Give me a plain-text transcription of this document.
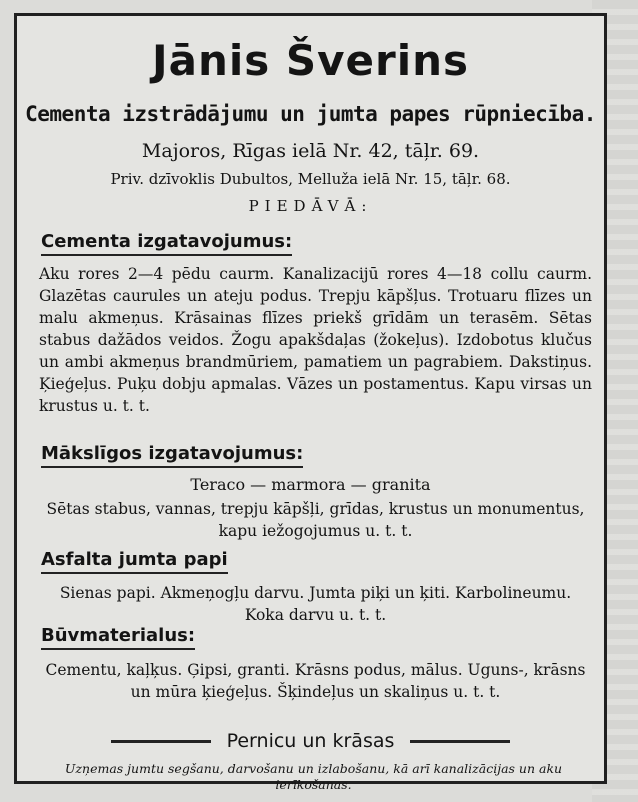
Jānis Šverins
Cementa izstrādājumu un jumta papes rūpniecība.
Majoros, Rīgas ielā Nr. 42, tāļr. 69.
Priv. dzīvoklis Dubultos, Melluža ielā Nr. 15, tāļr. 68.
PIEDĀVĀ:
Cementa izgatavojumus:
Aku rores 2—4 pēdu caurm. Kanalizacijū rores 4—18 collu caurm. Glazētas caurules un ateju podus. Trepju kāpšļus. Trotuaru flīzes un malu akmeņus. Krāsainas flīzes priekš grīdām un terasēm. Sētas stabus dažādos veidos. Žogu apakšdaļas (žokeļus). Izdobotus klučus un ambi akmeņus brandmūriem, pamatiem un pagrabiem. Dakstiņus. Ķieģeļus. Puķu dobju apmalas. Vāzes un postamentus. Kapu virsas un krustus u. t. t.
Mākslīgos izgatavojumus:
Teraco — marmora — granita
Sētas stabus, vannas, trepju kāpšļi, grīdas, krustus un monumentus, kapu iežogojumus u. t. t.
Asfalta jumta papi
Sienas papi. Akmeņogļu darvu. Jumta piķi un ķiti. Karbolineumu. Koka darvu u. t. t.
Būvmaterialus:
Cementu, kaļķus. Ģipsi, granti. Krāsns podus, mālus. Uguns-, krāsns un mūra ķieģeļus. Šķindeļus un skaliņus u. t. t.
Pernicu un krāsas
Uzņemas jumtu segšanu, darvošanu un izlabošanu, kā arī kanalizācijas un aku ierīkošanas.
